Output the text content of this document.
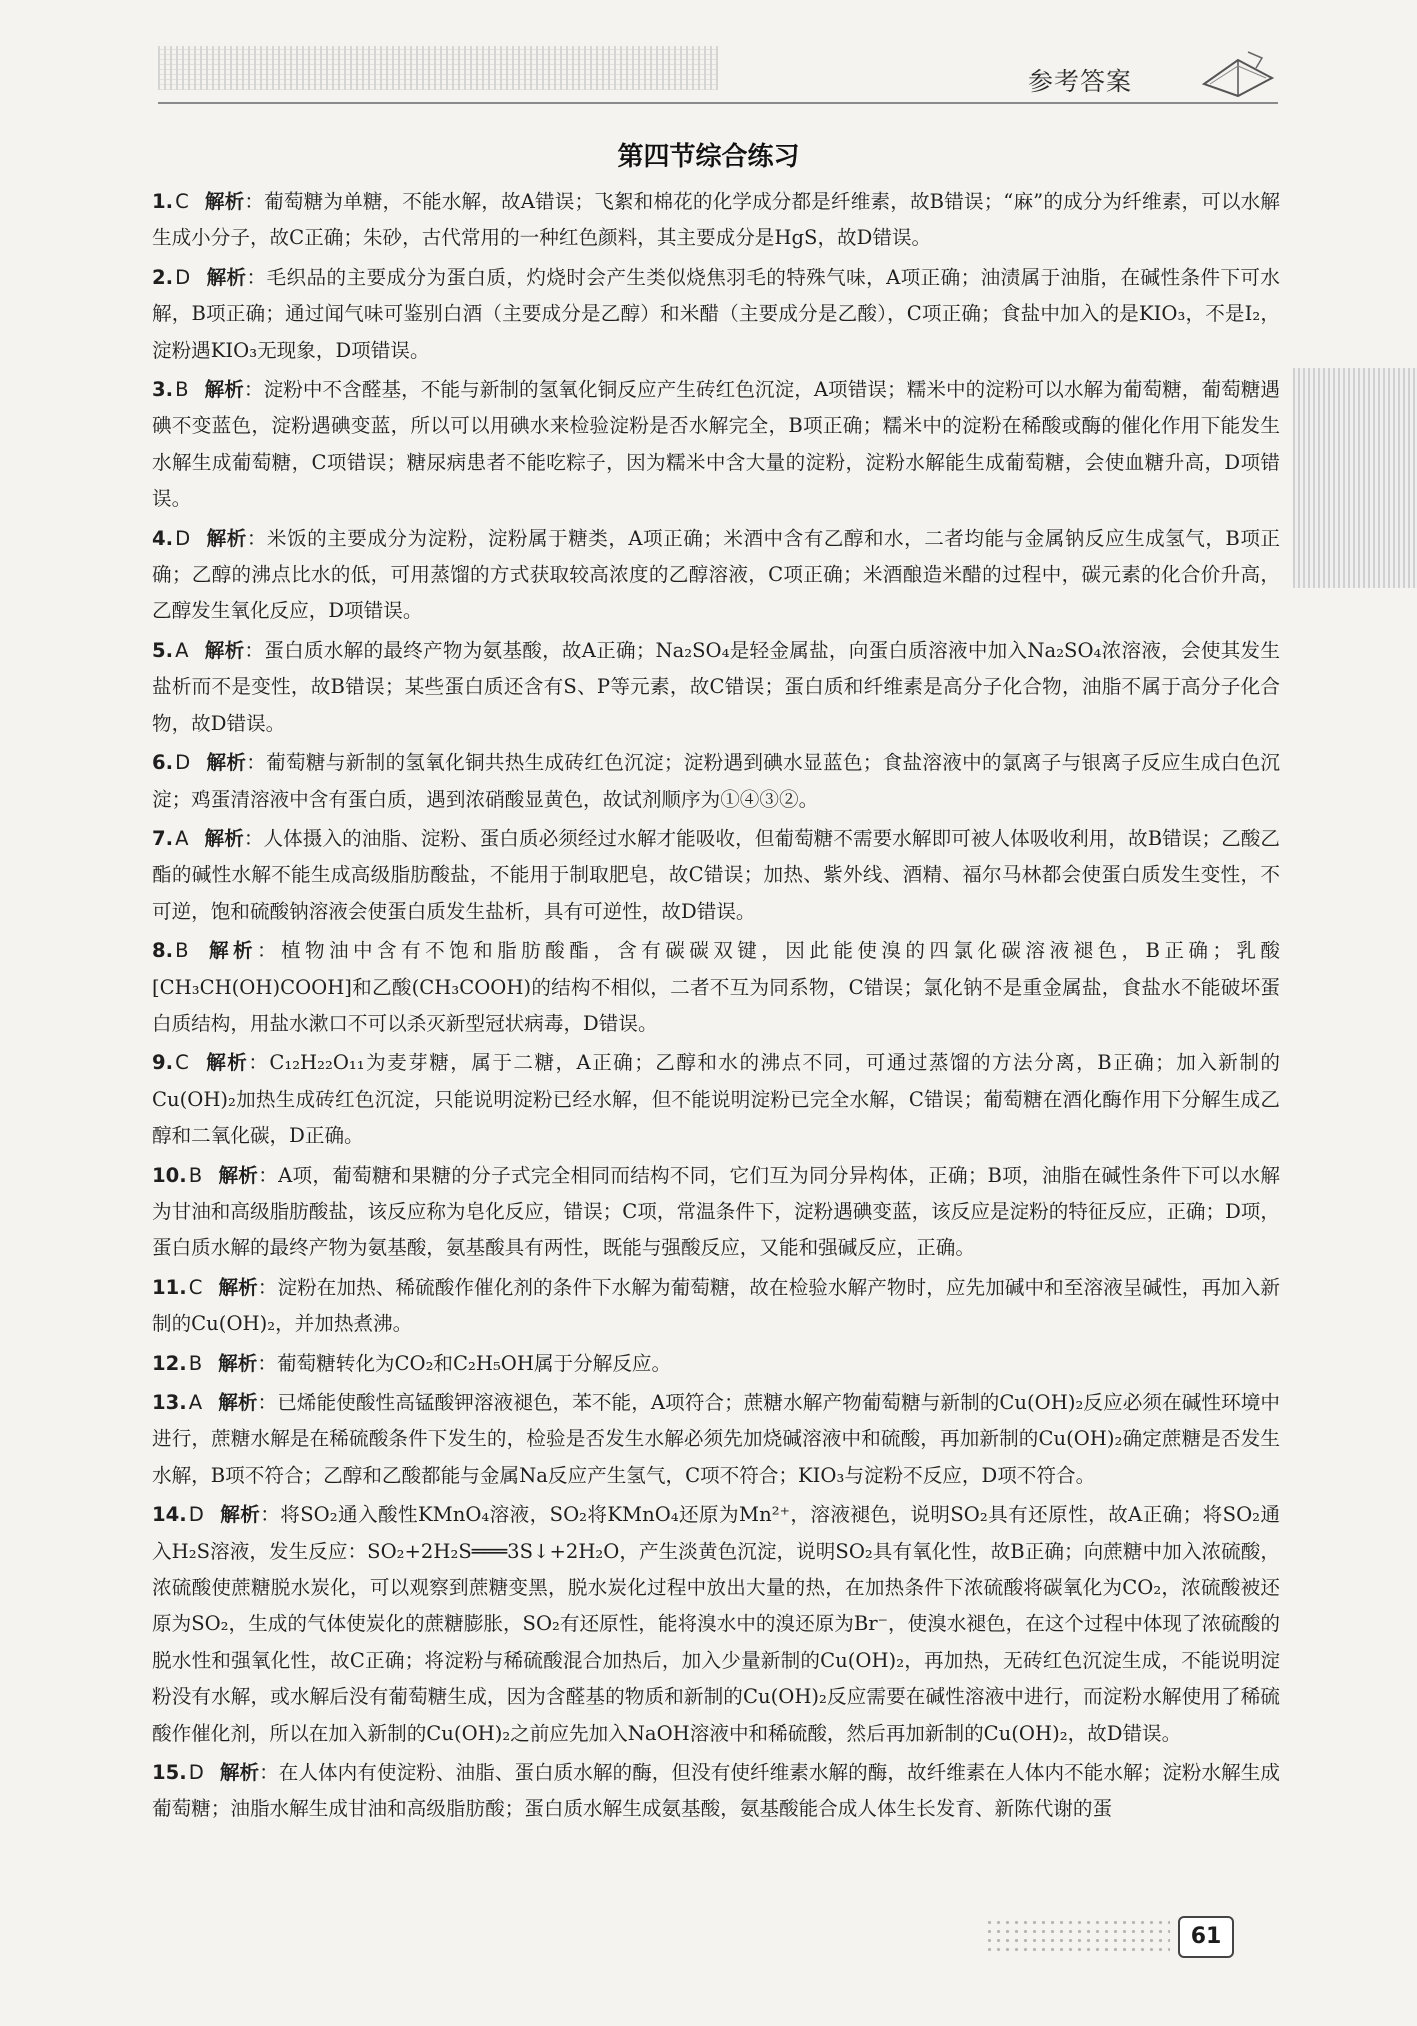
参考答案
第四节综合练习
1. C 解析：葡萄糖为单糖，不能水解，故A错误；飞絮和棉花的化学成分都是纤维素，故B错误；“麻”的成分为纤维素，可以水解生成小分子，故C正确；朱砂，古代常用的一种红色颜料，其主要成分是HgS，故D错误。
2. D 解析：毛织品的主要成分为蛋白质，灼烧时会产生类似烧焦羽毛的特殊气味，A项正确；油渍属于油脂，在碱性条件下可水解，B项正确；通过闻气味可鉴别白酒（主要成分是乙醇）和米醋（主要成分是乙酸），C项正确；食盐中加入的是KIO₃，不是I₂，淀粉遇KIO₃无现象，D项错误。
3. B 解析：淀粉中不含醛基，不能与新制的氢氧化铜反应产生砖红色沉淀，A项错误；糯米中的淀粉可以水解为葡萄糖，葡萄糖遇碘不变蓝色，淀粉遇碘变蓝，所以可以用碘水来检验淀粉是否水解完全，B项正确；糯米中的淀粉在稀酸或酶的催化作用下能发生水解生成葡萄糖，C项错误；糖尿病患者不能吃粽子，因为糯米中含大量的淀粉，淀粉水解能生成葡萄糖，会使血糖升高，D项错误。
4. D 解析：米饭的主要成分为淀粉，淀粉属于糖类，A项正确；米酒中含有乙醇和水，二者均能与金属钠反应生成氢气，B项正确；乙醇的沸点比水的低，可用蒸馏的方式获取较高浓度的乙醇溶液，C项正确；米酒酿造米醋的过程中，碳元素的化合价升高，乙醇发生氧化反应，D项错误。
5. A 解析：蛋白质水解的最终产物为氨基酸，故A正确；Na₂SO₄是轻金属盐，向蛋白质溶液中加入Na₂SO₄浓溶液，会使其发生盐析而不是变性，故B错误；某些蛋白质还含有S、P等元素，故C错误；蛋白质和纤维素是高分子化合物，油脂不属于高分子化合物，故D错误。
6. D 解析：葡萄糖与新制的氢氧化铜共热生成砖红色沉淀；淀粉遇到碘水显蓝色；食盐溶液中的氯离子与银离子反应生成白色沉淀；鸡蛋清溶液中含有蛋白质，遇到浓硝酸显黄色，故试剂顺序为①④③②。
7. A 解析：人体摄入的油脂、淀粉、蛋白质必须经过水解才能吸收，但葡萄糖不需要水解即可被人体吸收利用，故B错误；乙酸乙酯的碱性水解不能生成高级脂肪酸盐，不能用于制取肥皂，故C错误；加热、紫外线、酒精、福尔马林都会使蛋白质发生变性，不可逆，饱和硫酸钠溶液会使蛋白质发生盐析，具有可逆性，故D错误。
8. B 解析：植物油中含有不饱和脂肪酸酯，含有碳碳双键，因此能使溴的四氯化碳溶液褪色，B正确；乳酸[CH₃CH(OH)COOH]和乙酸(CH₃COOH)的结构不相似，二者不互为同系物，C错误；氯化钠不是重金属盐，食盐水不能破坏蛋白质结构，用盐水漱口不可以杀灭新型冠状病毒，D错误。
9. C 解析：C₁₂H₂₂O₁₁为麦芽糖，属于二糖，A正确；乙醇和水的沸点不同，可通过蒸馏的方法分离，B正确；加入新制的Cu(OH)₂加热生成砖红色沉淀，只能说明淀粉已经水解，但不能说明淀粉已完全水解，C错误；葡萄糖在酒化酶作用下分解生成乙醇和二氧化碳，D正确。
10. B 解析：A项，葡萄糖和果糖的分子式完全相同而结构不同，它们互为同分异构体，正确；B项，油脂在碱性条件下可以水解为甘油和高级脂肪酸盐，该反应称为皂化反应，错误；C项，常温条件下，淀粉遇碘变蓝，该反应是淀粉的特征反应，正确；D项，蛋白质水解的最终产物为氨基酸，氨基酸具有两性，既能与强酸反应，又能和强碱反应，正确。
11. C 解析：淀粉在加热、稀硫酸作催化剂的条件下水解为葡萄糖，故在检验水解产物时，应先加碱中和至溶液呈碱性，再加入新制的Cu(OH)₂，并加热煮沸。
12. B 解析：葡萄糖转化为CO₂和C₂H₅OH属于分解反应。
13. A 解析：已烯能使酸性高锰酸钾溶液褪色，苯不能，A项符合；蔗糖水解产物葡萄糖与新制的Cu(OH)₂反应必须在碱性环境中进行，蔗糖水解是在稀硫酸条件下发生的，检验是否发生水解必须先加烧碱溶液中和硫酸，再加新制的Cu(OH)₂确定蔗糖是否发生水解，B项不符合；乙醇和乙酸都能与金属Na反应产生氢气，C项不符合；KIO₃与淀粉不反应，D项不符合。
14. D 解析：将SO₂通入酸性KMnO₄溶液，SO₂将KMnO₄还原为Mn²⁺，溶液褪色，说明SO₂具有还原性，故A正确；将SO₂通入H₂S溶液，发生反应：SO₂+2H₂S═══3S↓+2H₂O，产生淡黄色沉淀，说明SO₂具有氧化性，故B正确；向蔗糖中加入浓硫酸，浓硫酸使蔗糖脱水炭化，可以观察到蔗糖变黑，脱水炭化过程中放出大量的热，在加热条件下浓硫酸将碳氧化为CO₂，浓硫酸被还原为SO₂，生成的气体使炭化的蔗糖膨胀，SO₂有还原性，能将溴水中的溴还原为Br⁻，使溴水褪色，在这个过程中体现了浓硫酸的脱水性和强氧化性，故C正确；将淀粉与稀硫酸混合加热后，加入少量新制的Cu(OH)₂，再加热，无砖红色沉淀生成，不能说明淀粉没有水解，或水解后没有葡萄糖生成，因为含醛基的物质和新制的Cu(OH)₂反应需要在碱性溶液中进行，而淀粉水解使用了稀硫酸作催化剂，所以在加入新制的Cu(OH)₂之前应先加入NaOH溶液中和稀硫酸，然后再加新制的Cu(OH)₂，故D错误。
15. D 解析：在人体内有使淀粉、油脂、蛋白质水解的酶，但没有使纤维素水解的酶，故纤维素在人体内不能水解；淀粉水解生成葡萄糖；油脂水解生成甘油和高级脂肪酸；蛋白质水解生成氨基酸，氨基酸能合成人体生长发育、新陈代谢的蛋
61
